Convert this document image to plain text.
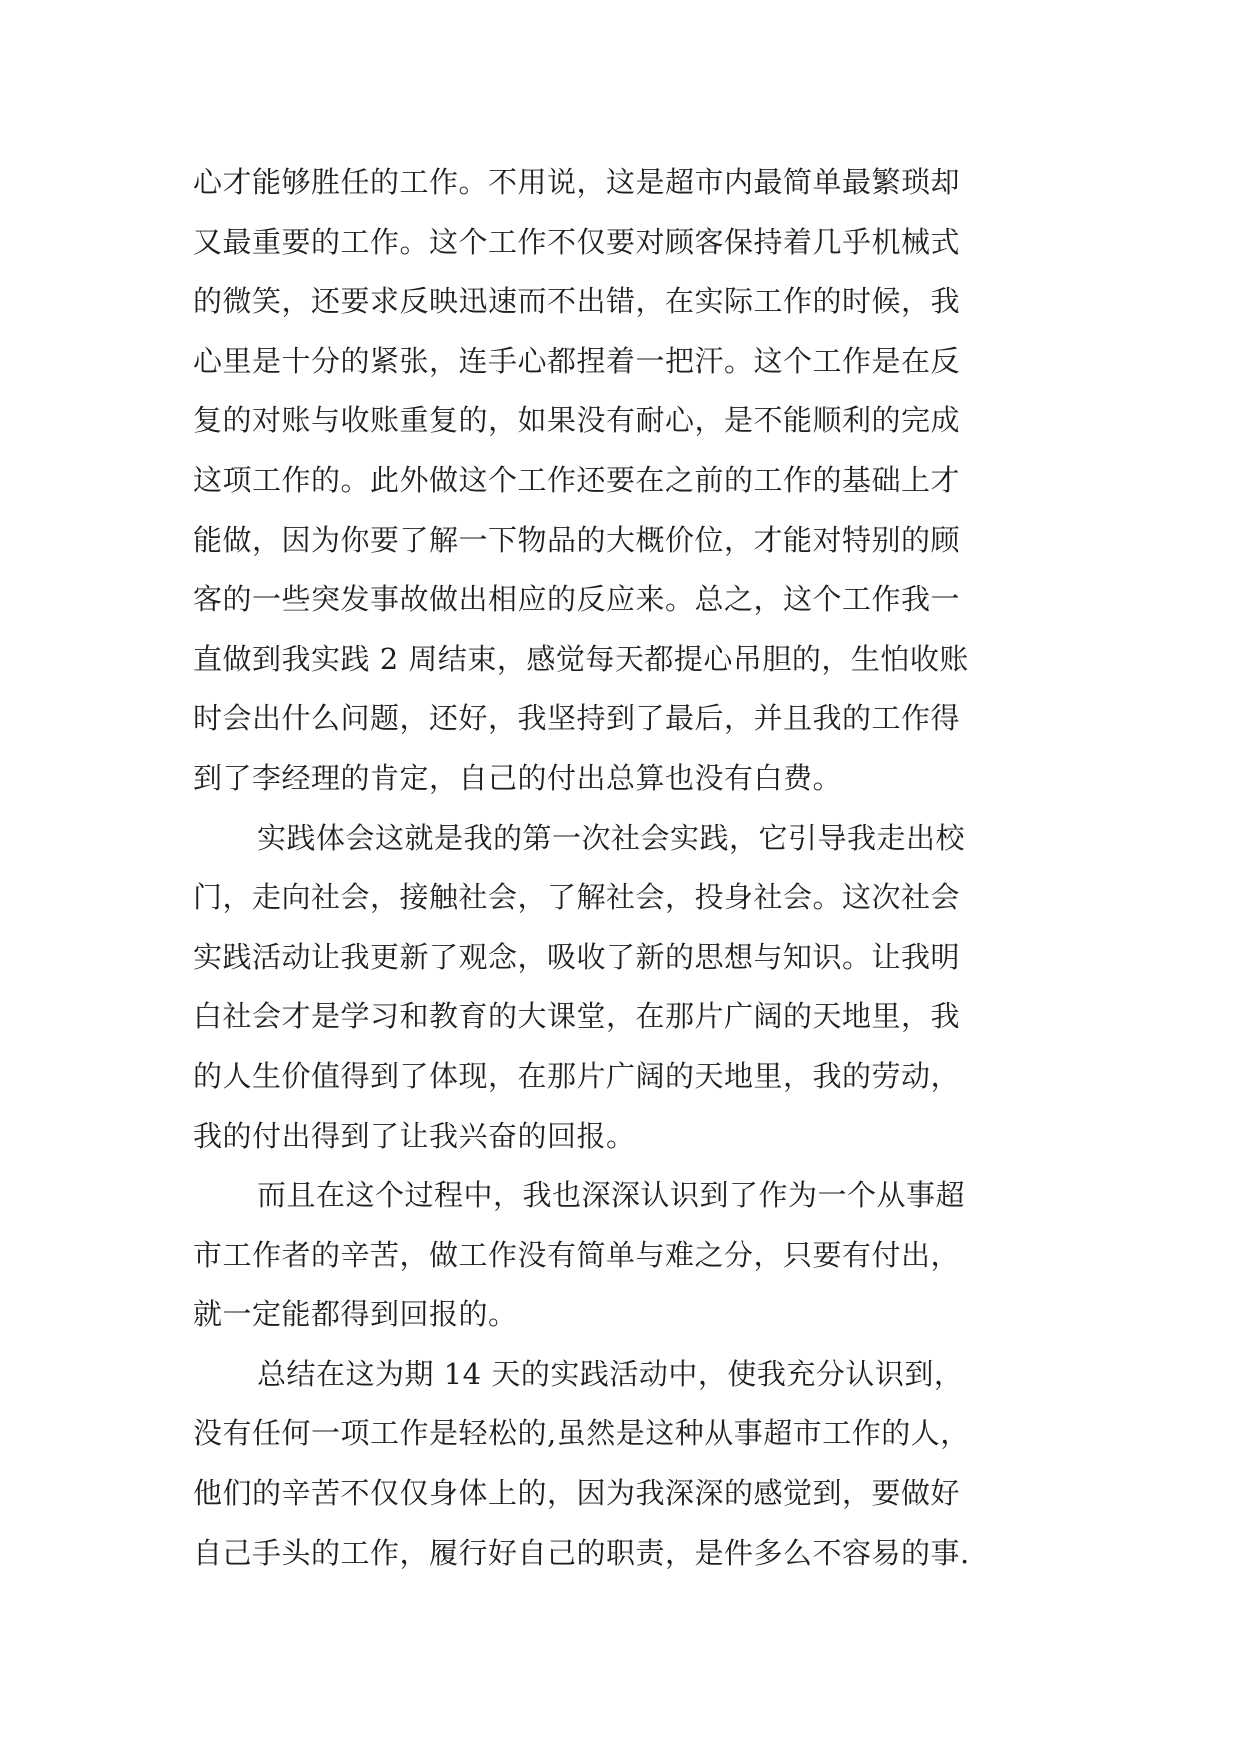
心才能够胜任的工作。不用说，这是超市内最简单最繁琐却
又最重要的工作。这个工作不仅要对顾客保持着几乎机械式
的微笑，还要求反映迅速而不出错，在实际工作的时候，我
心里是十分的紧张，连手心都捏着一把汗。这个工作是在反
复的对账与收账重复的，如果没有耐心，是不能顺利的完成
这项工作的。此外做这个工作还要在之前的工作的基础上才
能做，因为你要了解一下物品的大概价位，才能对特别的顾
客的一些突发事故做出相应的反应来。总之，这个工作我一
直做到我实践 2 周结束，感觉每天都提心吊胆的，生怕收账
时会出什么问题，还好，我坚持到了最后，并且我的工作得
到了李经理的肯定，自己的付出总算也没有白费。

实践体会这就是我的第一次社会实践，它引导我走出校
门，走向社会，接触社会，了解社会，投身社会。这次社会
实践活动让我更新了观念，吸收了新的思想与知识。让我明
白社会才是学习和教育的大课堂，在那片广阔的天地里，我
的人生价值得到了体现，在那片广阔的天地里，我的劳动，
我的付出得到了让我兴奋的回报。

而且在这个过程中，我也深深认识到了作为一个从事超
市工作者的辛苦，做工作没有简单与难之分，只要有付出，
就一定能都得到回报的。

总结在这为期 14 天的实践活动中，使我充分认识到，
没有任何一项工作是轻松的,虽然是这种从事超市工作的人，
他们的辛苦不仅仅身体上的，因为我深深的感觉到，要做好
自己手头的工作，履行好自己的职责，是件多么不容易的事.
